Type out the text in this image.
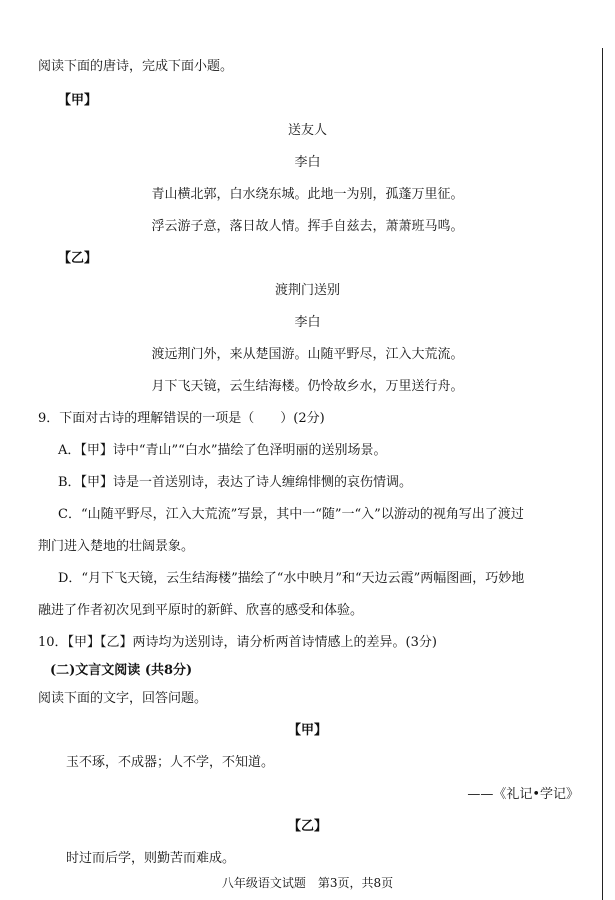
阅读下面的唐诗，完成下面小题。
【甲】
送友人
李白
青山横北郭，白水绕东城。此地一为别，孤蓬万里征。
浮云游子意，落日故人情。挥手自兹去，萧萧班马鸣。
【乙】
渡荆门送别
李白
渡远荆门外，来从楚国游。山随平野尽，江入大荒流。
月下飞天镜，云生结海楼。仍怜故乡水，万里送行舟。
9．下面对古诗的理解错误的一项是（　　）(2分)
A．【甲】诗中“青山”“白水”描绘了色泽明丽的送别场景。
B．【甲】诗是一首送别诗，表达了诗人缠绵悱恻的哀伤情调。
C．“山随平野尽，江入大荒流”写景，其中一“随”一“入”以游动的视角写出了渡过
荆门进入楚地的壮阔景象。
D．“月下飞天镜，云生结海楼”描绘了“水中映月”和“天边云霞”两幅图画，巧妙地
融进了作者初次见到平原时的新鲜、欣喜的感受和体验。
10．【甲】【乙】两诗均为送别诗，请分析两首诗情感上的差异。(3分)
(二)文言文阅读 (共8分)
阅读下面的文字，回答问题。
【甲】
玉不琢，不成器；人不学，不知道。
——《礼记•学记》
【乙】
时过而后学，则勤苦而难成。
八年级语文试题　第3页，共8页
